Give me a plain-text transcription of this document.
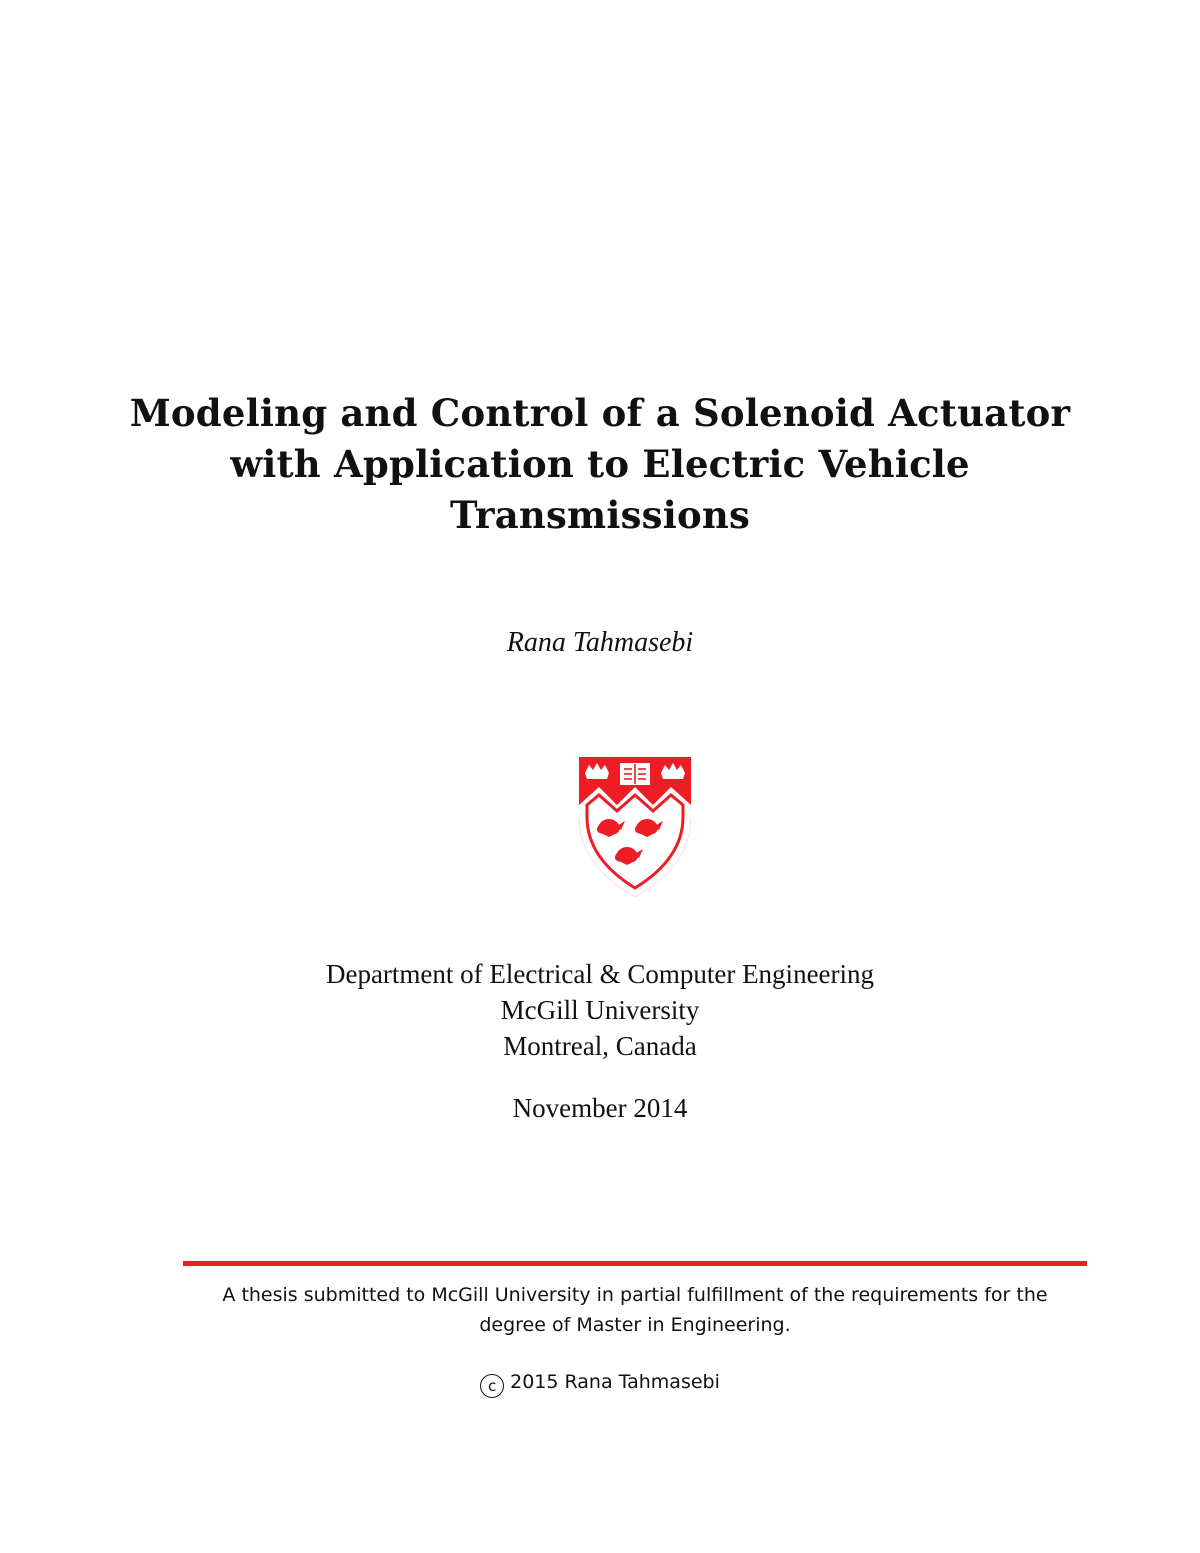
Modeling and Control of a Solenoid Actuator
with Application to Electric Vehicle
Transmissions
Rana Tahmasebi
Department of Electrical & Computer Engineering
McGill University
Montreal, Canada
November 2014
A thesis submitted to McGill University in partial fulfillment of the requirements for the
degree of Master in Engineering.
c 2015 Rana Tahmasebi
